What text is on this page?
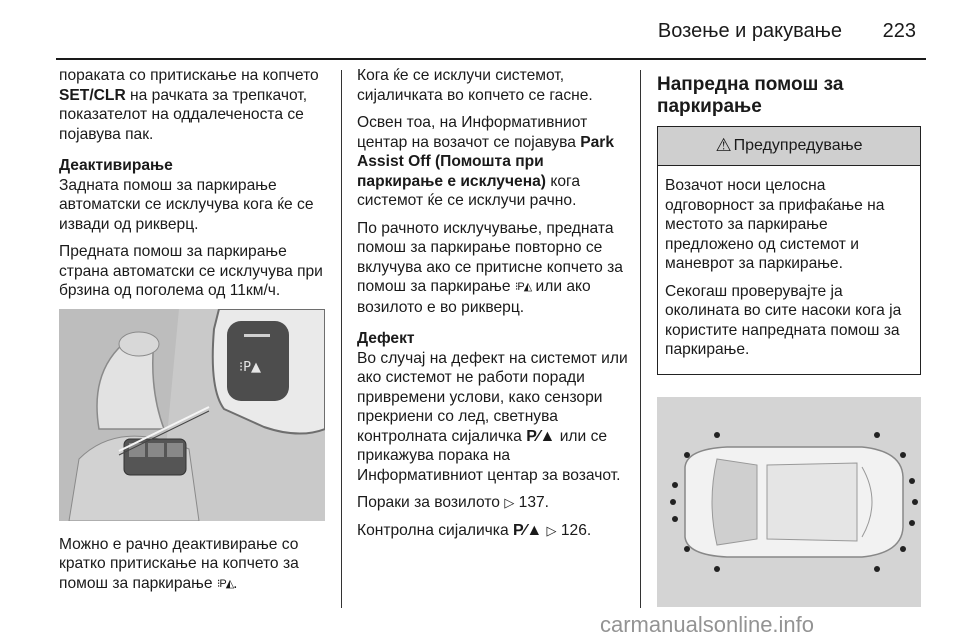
Возење и ракување 223

поракатa со притискање на копчето SET/CLR на рачката за трепкачот, показателот на оддалеченоста се појавува пак.

Деактивирање

Задната помош за паркирање автоматски се исклучува кога ќе се извади од рикверц.

Предната помош за паркирање страна автоматски се исклучува при брзина од поголема од 11км/ч.

⁝P▲

Можно е рачно деактивирање со кратко притискање на копчето за помош за паркирање ⁝P◭.

Кога ќе се исклучи системот, сијаличката во копчето се гасне.

Освен тоа, на Информативниот центар на возачот се појавува Park Assist Off (Помошта при паркирање е исклучена) кога системот ќе се исклучи рачно.

По рачното исклучување, предната помош за паркирање повторно се вклучува ако се притисне копчето за помош за паркирање ⁝P◭ или ако возилото е во рикверц.

Дефект

Во случај на дефект на системот или ако системот не работи поради привремени услови, како сензори прекриени со лед, светнува контролната сијаличка P⁄▲ или се прикажува порака на Информативниот центар за возачот.

Пораки за возилото ▷ 137.

Контролна сијаличка P⁄▲ ▷ 126.

Напредна помош за паркирање
⚠ Предупредување

Возачот носи целосна одговорност за прифаќање на местото за паркирање предложено од системот и маневрот за паркирање.

Секогаш проверувајте ја околината во сите насоки кога ја користите напредната помош за паркирање.

carmanualsonline.info
